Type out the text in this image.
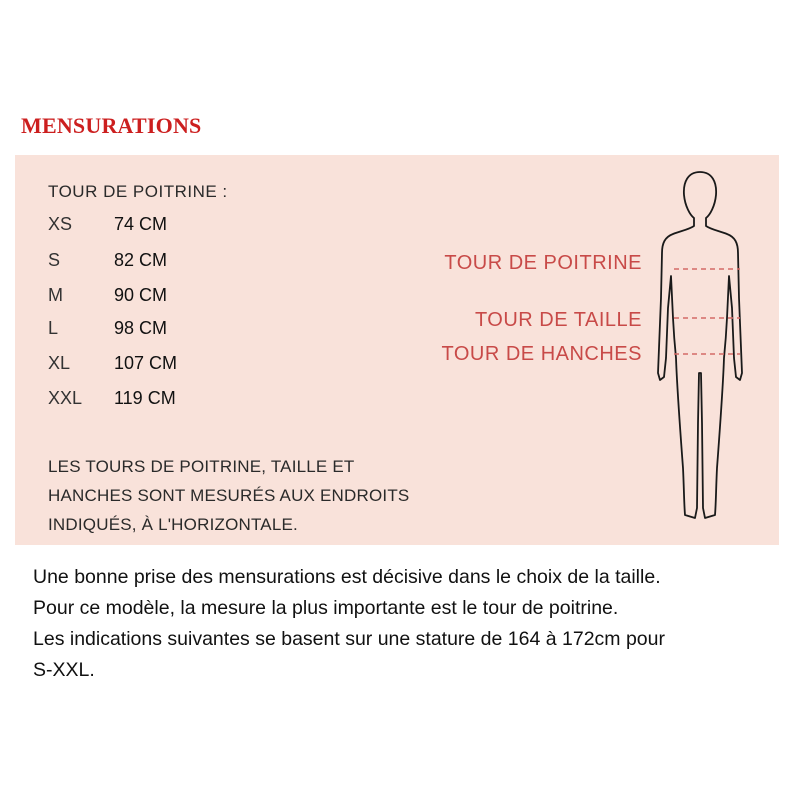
MENSURATIONS
TOUR DE POITRINE :
XS	74 CM
S	82 CM
M	90 CM
L	98 CM
XL	107 CM
XXL	119 CM
LES TOURS DE POITRINE, TAILLE ET
HANCHES SONT MESURÉS AUX ENDROITS
INDIQUÉS, À L'HORIZONTALE.
TOUR DE POITRINE
TOUR DE TAILLE
TOUR DE HANCHES
Une bonne prise des mensurations est décisive dans le choix de la taille.
Pour ce modèle, la mesure la plus importante est le tour de poitrine.
Les indications suivantes se basent sur une stature de 164 à 172cm pour
S-XXL.
